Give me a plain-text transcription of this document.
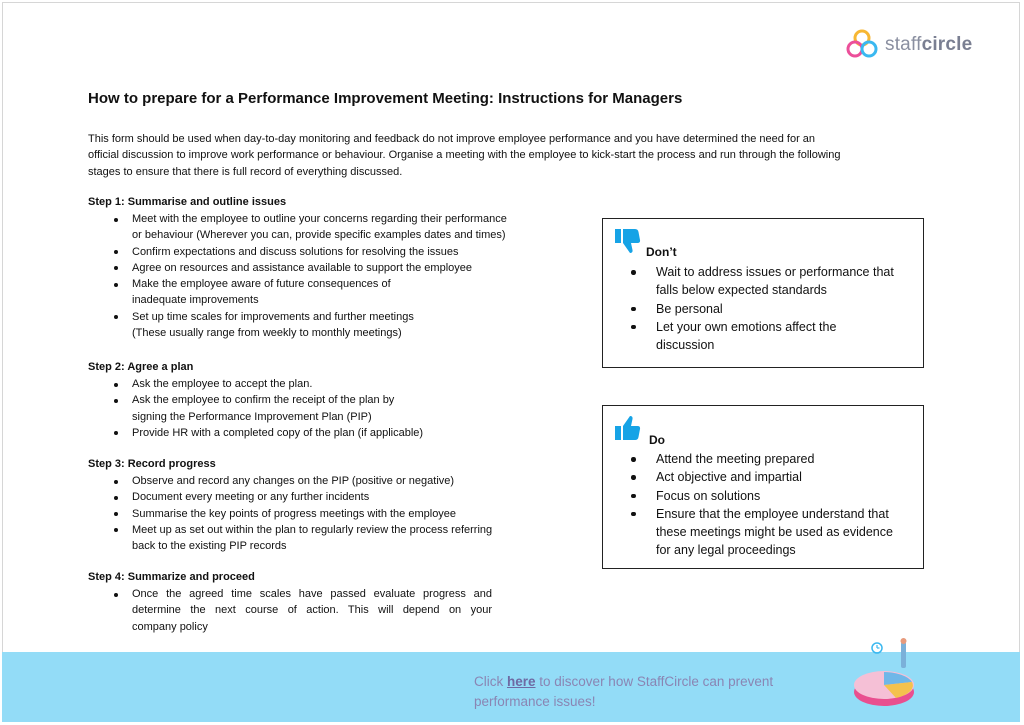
staffcircle
How to prepare for a Performance Improvement Meeting: Instructions for Managers
This form should be used when day-to-day monitoring and feedback do not improve employee performance and you have determined the need for an
official discussion to improve work performance or behaviour. Organise a meeting with the employee to kick-start the process and run through the following
stages to ensure that there is full record of everything discussed.
Step 1: Summarise and outline issues
Meet with the employee to outline your concerns regarding their performance
or behaviour (Wherever you can, provide specific examples dates and times)
Confirm expectations and discuss solutions for resolving the issues
Agree on resources and assistance available to support the employee
Make the employee aware of future consequences of
inadequate improvements
Set up time scales for improvements and further meetings
(These usually range from weekly to monthly meetings)
Step 2: Agree a plan
Ask the employee to accept the plan.
Ask the employee to confirm the receipt of the plan by
signing the Performance Improvement Plan (PIP)
Provide HR with a completed copy of the plan (if applicable)
Step 3: Record progress
Observe and record any changes on the PIP (positive or negative)
Document every meeting or any further incidents
Summarise the key points of progress meetings with the employee
Meet up as set out within the plan to regularly review the process referring
back to the existing PIP records
Step 4: Summarize and proceed
Once the agreed time scales have passed evaluate progress and
determine the next course of action. This will depend on your
company policy
Don’t
Wait to address issues or performance that
falls below expected standards
Be personal
Let your own emotions affect the
discussion
Do
Attend the meeting prepared
Act objective and impartial
Focus on solutions
Ensure that the employee understand that
these meetings might be used as evidence
for any legal proceedings
Click here to discover how StaffCircle can prevent
performance issues!
